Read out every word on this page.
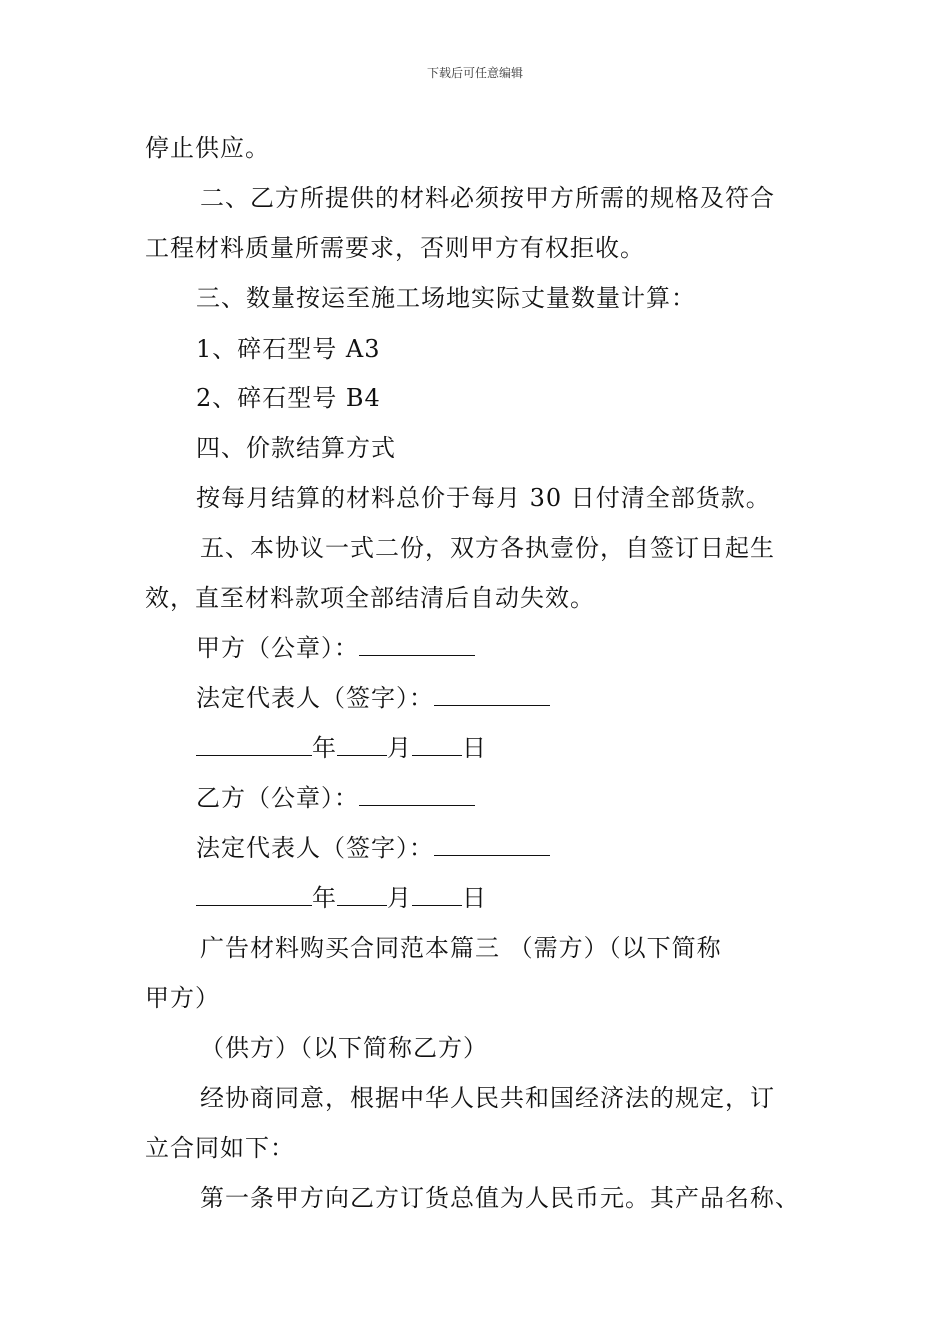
下载后可任意编辑
停止供应。
二、乙方所提供的材料必须按甲方所需的规格及符合
工程材料质量所需要求，否则甲方有权拒收。
三、数量按运至施工场地实际丈量数量计算：
1、碎石型号 A3
2、碎石型号 B4
四、价款结算方式
按每月结算的材料总价于每月 30 日付清全部货款。
五、本协议一式二份，双方各执壹份，自签订日起生
效，直至材料款项全部结清后自动失效。
甲方（公章）：
法定代表人（签字）：
年 月 日
乙方（公章）：
法定代表人（签字）：
年 月 日
广告材料购买合同范本篇三 （需方）（以下简称
甲方）
（供方）（以下简称乙方）
经协商同意，根据中华人民共和国经济法的规定，订
立合同如下：
第一条甲方向乙方订货总值为人民币元。其产品名称、
